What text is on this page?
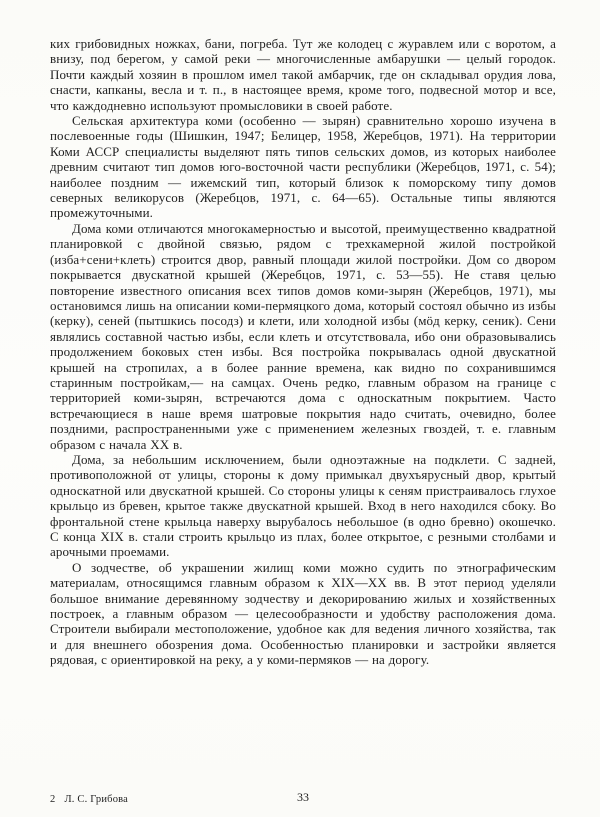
ких грибовидных ножках, бани, погреба. Тут же колодец с журавлем или с воротом, а внизу, под берегом, у самой реки — многочисленные амбарушки — целый городок. Почти каждый хозяин в прошлом имел такой амбарчик, где он складывал орудия лова, снасти, капканы, весла и т. п., в настоящее время, кроме того, подвесной мотор и все, что каждодневно используют промысловики в своей работе.

Сельская архитектура коми (особенно — зырян) сравнительно хорошо изучена в послевоенные годы (Шишкин, 1947; Белицер, 1958, Жеребцов, 1971). На территории Коми АССР специалисты выделяют пять типов сельских домов, из которых наиболее древним считают тип домов юго-восточной части республики (Жеребцов, 1971, с. 54); наиболее поздним — ижемский тип, который близок к поморскому типу домов северных великорусов (Жеребцов, 1971, с. 64—65). Остальные типы являются промежуточными.

Дома коми отличаются многокамерностью и высотой, преимущественно квадратной планировкой с двойной связью, рядом с трехкамерной жилой постройкой (изба+сени+клеть) строится двор, равный площади жилой постройки. Дом со двором покрывается двускатной крышей (Жеребцов, 1971, с. 53—55). Не ставя целью повторение известного описания всех типов домов коми-зырян (Жеребцов, 1971), мы остановимся лишь на описании коми-пермяцкого дома, который состоял обычно из избы (керку), сеней (пытшкись посодз) и клети, или холодной избы (мöд керку, сеник). Сени являлись составной частью избы, если клеть и отсутствовала, ибо они образовывались продолжением боковых стен избы. Вся постройка покрывалась одной двускатной крышей на стропилах, а в более ранние времена, как видно по сохранившимся старинным постройкам,— на самцах. Очень редко, главным образом на границе с территорией коми-зырян, встречаются дома с односкатным покрытием. Часто встречающиеся в наше время шатровые покрытия надо считать, очевидно, более поздними, распространенными уже с применением железных гвоздей, т. е. главным образом с начала XX в.

Дома, за небольшим исключением, были одноэтажные на подклети. С задней, противоположной от улицы, стороны к дому примыкал двухъярусный двор, крытый односкатной или двускатной крышей. Со стороны улицы к сеням пристраивалось глухое крыльцо из бревен, крытое также двускатной крышей. Вход в него находился сбоку. Во фронтальной стене крыльца наверху вырубалось небольшое (в одно бревно) окошечко. С конца XIX в. стали строить крыльцо из плах, более открытое, с резными столбами и арочными проемами.

О зодчестве, об украшении жилищ коми можно судить по этнографическим материалам, относящимся главным образом к XIX—XX вв. В этот период уделяли большое внимание деревянному зодчеству и декорированию жилых и хозяйственных построек, а главным образом — целесообразности и удобству расположения дома. Строители выбирали местоположение, удобное как для ведения личного хозяйства, так и для внешнего обозрения дома. Особенностью планировки и застройки является рядовая, с ориентировкой на реку, а у коми-пермяков — на дорогу.

2 Л. С. Грибова	33
